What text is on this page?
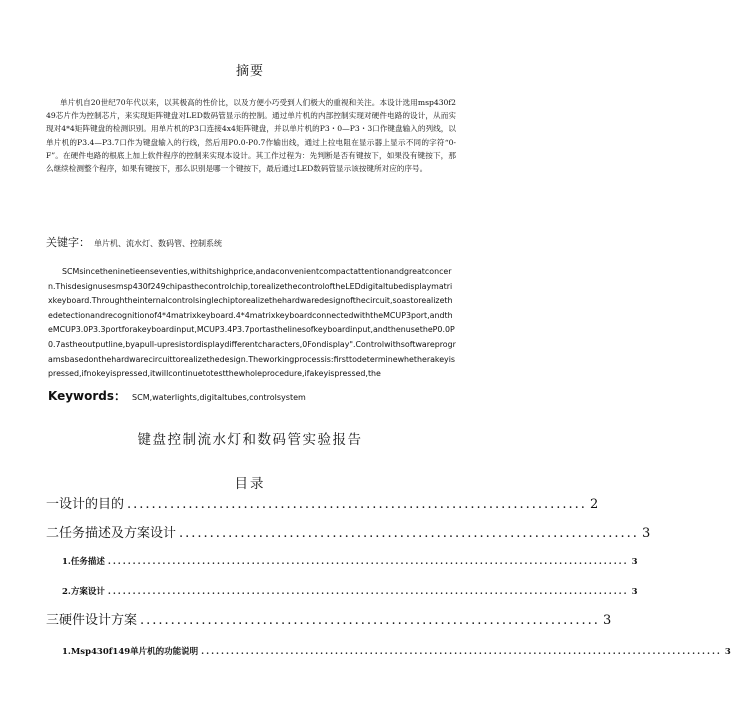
摘要
单片机自20世纪70年代以来，以其极高的性价比，以及方便小巧受到人们极大的重视和关注。本设计选用msp430f249芯片作为控制芯片，来实现矩阵键盘对LED数码管显示的控制。通过单片机的内部控制实现对硬件电路的设计，从而实现对4*4矩阵键盘的检测识别。用单片机的P3口连接4x4矩阵键盘，并以单片机的P3・0—P3・3口作键盘输入的列线，以单片机的P3.4—P3.7口作为键盘输入的行线，然后用P0.0-P0.7作输出线，通过上拉电阻在显示器上显示不同的字符“0-F”。在硬件电路的根底上加上软件程序的控制来实现本设计。其工作过程为：先判断是否有键按下，如果没有键按下，那么继续检测整个程序，如果有键按下，那么识别是哪一个键按下，最后通过LED数码管显示该按键所对应的序号。
关键字： 单片机、流水灯、数码管、控制系统
SCMsincetheninetieenseventies,withitshighprice,andaconvenientcompactattentionandgreatconcern.Thisdesignusesmsp430f249chipasthecontrolchip,torealizethecontroloftheLEDdigitaltubedisplaymatrixkeyboard.Throughtheinternalcontrolsinglechiptorealizethehardwaredesignofthecircuit,soastorealizethedetectionandrecognitionof4*4matrixkeyboard.4*4matrixkeyboardconnectedwiththeMCUP3port,andtheMCUP3.0P3.3portforakeyboardinput,MCUP3.4P3.7portasthelinesofkeyboardinput,andthenusetheP0.0P0.7astheoutputline,byapull-upresistordisplaydifferentcharacters,0Fondisplay".Controlwithsoftwareprogramsbasedonthehardwarecircuittorealizethedesign.Theworkingprocessis:firsttodeterminewhetherakeyispressed,ifnokeyispressed,itwillcontinuetotestthewholeprocedure,ifakeyispressed,the
Keywords： SCM,waterlights,digitaltubes,controlsystem
键盘控制流水灯和数码管实验报告
目录
一设计的目的 ........................................................................... 2
二任务描述及方案设计 ........................................................................... 3
1.任务描述 ......................................................................................................... 3
2.方案设计 ......................................................................................................... 3
三硬件设计方案 ........................................................................... 3
1.Msp430f149单片机的功能说明 ......................................................................................................... 3
